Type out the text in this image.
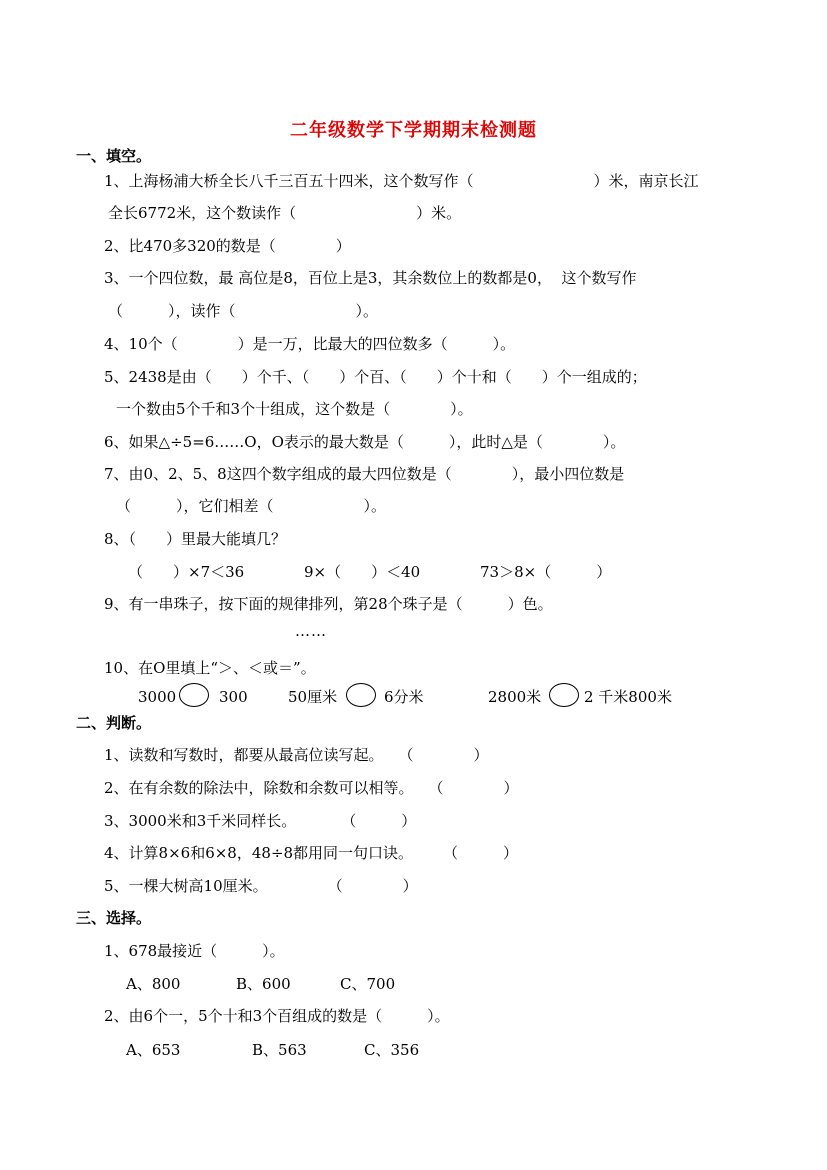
二年级数学下学期期末检测题
一、填空。
1、上海杨浦大桥全长八千三百五十四米，这个数写作（　　　　　　　　）米，南京长江
全长6772米，这个数读作（　　　　　　　　）米。
2、比470多320的数是（　　　　）
3、一个四位数，最 高位是8，百位上是3，其余数位上的数都是0，  这个数写作
（　　　），读作（　　　　　　　　）。
4、10个（　　　　）是一万，比最大的四位数多（　　　）。
5、2438是由（　　）个千、（　　）个百、（　　）个十和（　　）个一组成的；
一个数由5个千和3个十组成，这个数是（　　　　）。
6、如果△÷5=6……O，O表示的最大数是（　　　），此时△是（　　　　）。
7、由0、2、5、8这四个数字组成的最大四位数是（　　　　），最小四位数是
（　　　），它们相差（　　　　　　）。
8、（　　）里最大能填几？
（　　）×7＜36	9×（　　）＜40	73＞8×（　　　）
9、有一串珠子，按下面的规律排列，第28个珠子是（　　　）色。
……
10、在O里填上“＞、＜或＝”。
3000	300	50厘米	6分米	2800米	2 千米800米
二、判断。
1、读数和写数时，都要从最高位读写起。　　（　　　　）
2、在有余数的除法中，除数和余数可以相等。　　（　　　　）
3、3000米和3千米同样长。　　　　（　　　）
4、计算8×6和6×8，48÷8都用同一句口诀。　　　（　　　）
5、一棵大树高10厘米。　　　　　（　　　　）
三、选择。
1、678最接近（　　　）。
A、800	B、600	C、700
2、由6个一，5个十和3个百组成的数是（　　　）。
A、653	B、563	C、356
